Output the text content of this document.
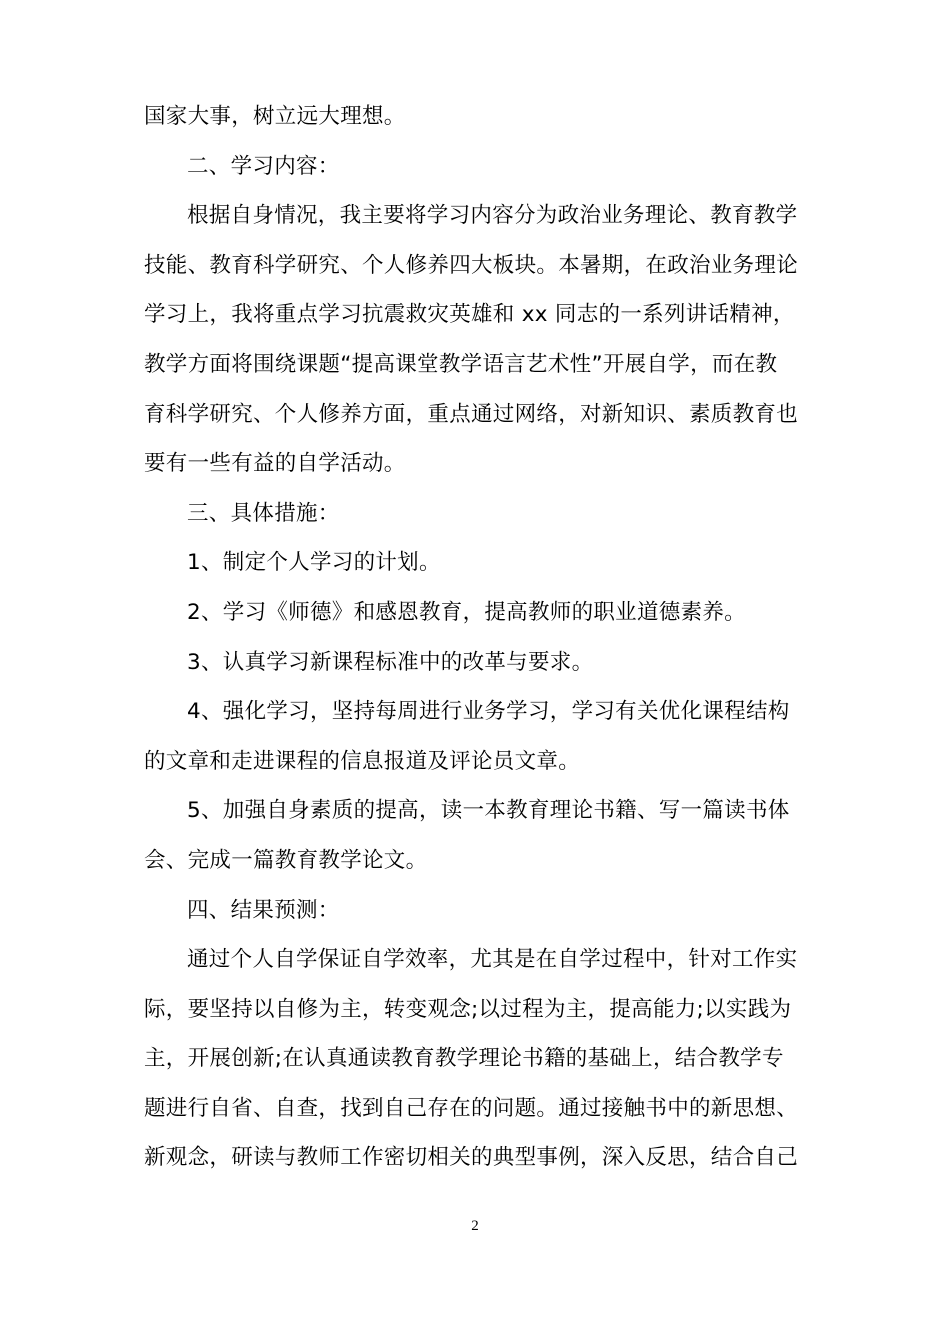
国家大事，树立远大理想。
二、学习内容：
根据自身情况，我主要将学习内容分为政治业务理论、教育教学
技能、教育科学研究、个人修养四大板块。本暑期，在政治业务理论
学习上，我将重点学习抗震救灾英雄和 xx 同志的一系列讲话精神，
教学方面将围绕课题“提高课堂教学语言艺术性”开展自学，而在教
育科学研究、个人修养方面，重点通过网络，对新知识、素质教育也
要有一些有益的自学活动。
三、具体措施：
1、制定个人学习的计划。
2、学习《师德》和感恩教育，提高教师的职业道德素养。
3、认真学习新课程标准中的改革与要求。
4、强化学习，坚持每周进行业务学习，学习有关优化课程结构
的文章和走进课程的信息报道及评论员文章。
5、加强自身素质的提高，读一本教育理论书籍、写一篇读书体
会、完成一篇教育教学论文。
四、结果预测：
通过个人自学保证自学效率，尤其是在自学过程中，针对工作实
际，要坚持以自修为主，转变观念;以过程为主，提高能力;以实践为
主，开展创新;在认真通读教育教学理论书籍的基础上，结合教学专
题进行自省、自查，找到自己存在的问题。通过接触书中的新思想、
新观念，研读与教师工作密切相关的典型事例，深入反思，结合自己
2
